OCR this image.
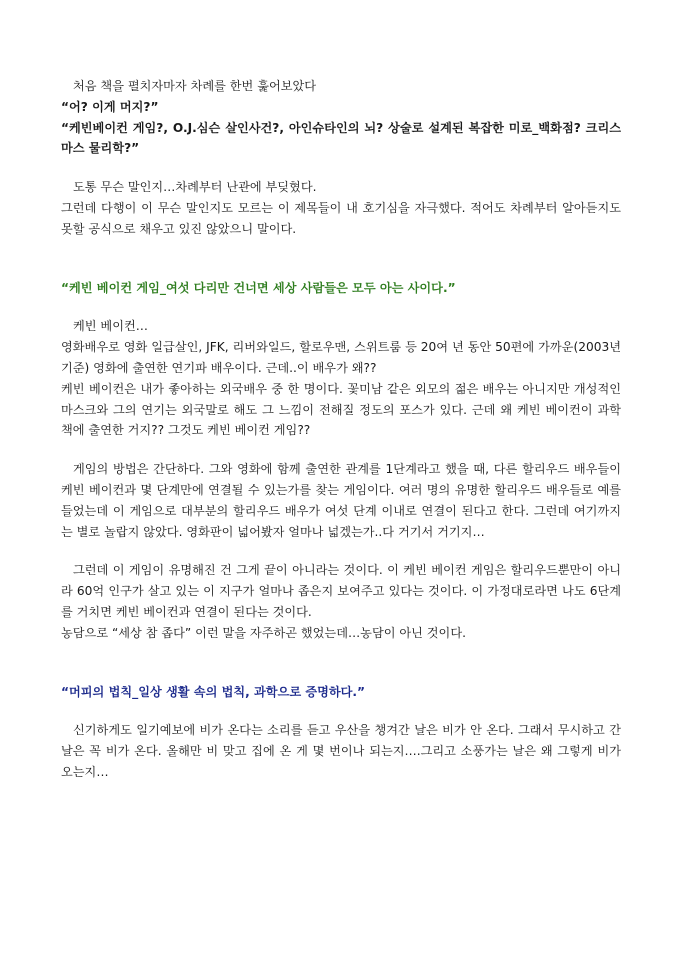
처음 책을 펼치자마자 차례를 한번 훑어보았다

“어? 이게 머지?”

“케빈베이컨 게임?, O.J.심슨 살인사건?, 아인슈타인의 뇌? 상술로 설계된 복잡한 미로_백화점? 크리스마스 물리학?”

도통 무슨 말인지…차례부터 난관에 부딪혔다.

그런데 다행이 이 무슨 말인지도 모르는 이 제목들이 내 호기심을 자극했다. 적어도 차례부터 알아듣지도 못할 공식으로 채우고 있진 않았으니 말이다.

“케빈 베이컨 게임_여섯 다리만 건너면 세상 사람들은 모두 아는 사이다.”

케빈 베이컨…

영화배우로 영화 일급살인, JFK, 리버와일드, 할로우맨, 스위트룸 등 20여 년 동안 50편에 가까운(2003년 기준) 영화에 출연한 연기파 배우이다. 근데..이 배우가 왜??

케빈 베이컨은 내가 좋아하는 외국배우 중 한 명이다. 꽃미남 같은 외모의 젊은 배우는 아니지만 개성적인 마스크와 그의 연기는 외국말로 해도 그 느낌이 전해질 정도의 포스가 있다. 근데 왜 케빈 베이컨이 과학 책에 출연한 거지?? 그것도 케빈 베이컨 게임??

게임의 방법은 간단하다. 그와 영화에 함께 출연한 관계를 1단계라고 했을 때, 다른 할리우드 배우들이 케빈 베이컨과 몇 단계만에 연결될 수 있는가를 찾는 게임이다. 여러 명의 유명한 할리우드 배우들로 예를 들었는데 이 게임으로 대부분의 할리우드 배우가 여섯 단계 이내로 연결이 된다고 한다. 그런데 여기까지는 별로 놀랍지 않았다. 영화판이 넓어봤자 얼마나 넓겠는가..다 거기서 거기지…

그런데 이 게임이 유명해진 건 그게 끝이 아니라는 것이다. 이 케빈 베이컨 게임은 할리우드뿐만이 아니라 60억 인구가 살고 있는 이 지구가 얼마나 좁은지 보여주고 있다는 것이다. 이 가정대로라면 나도 6단계를 거치면 케빈 베이컨과 연결이 된다는 것이다.

농담으로 “세상 참 좁다” 이런 말을 자주하곤 했었는데…농담이 아닌 것이다.

“머피의 법칙_일상 생활 속의 법칙, 과학으로 증명하다.”

신기하게도 일기예보에 비가 온다는 소리를 듣고 우산을 챙겨간 날은 비가 안 온다. 그래서 무시하고 간 날은 꼭 비가 온다. 올해만 비 맞고 집에 온 게 몇 번이나 되는지….그리고 소풍가는 날은 왜 그렇게 비가 오는지…
